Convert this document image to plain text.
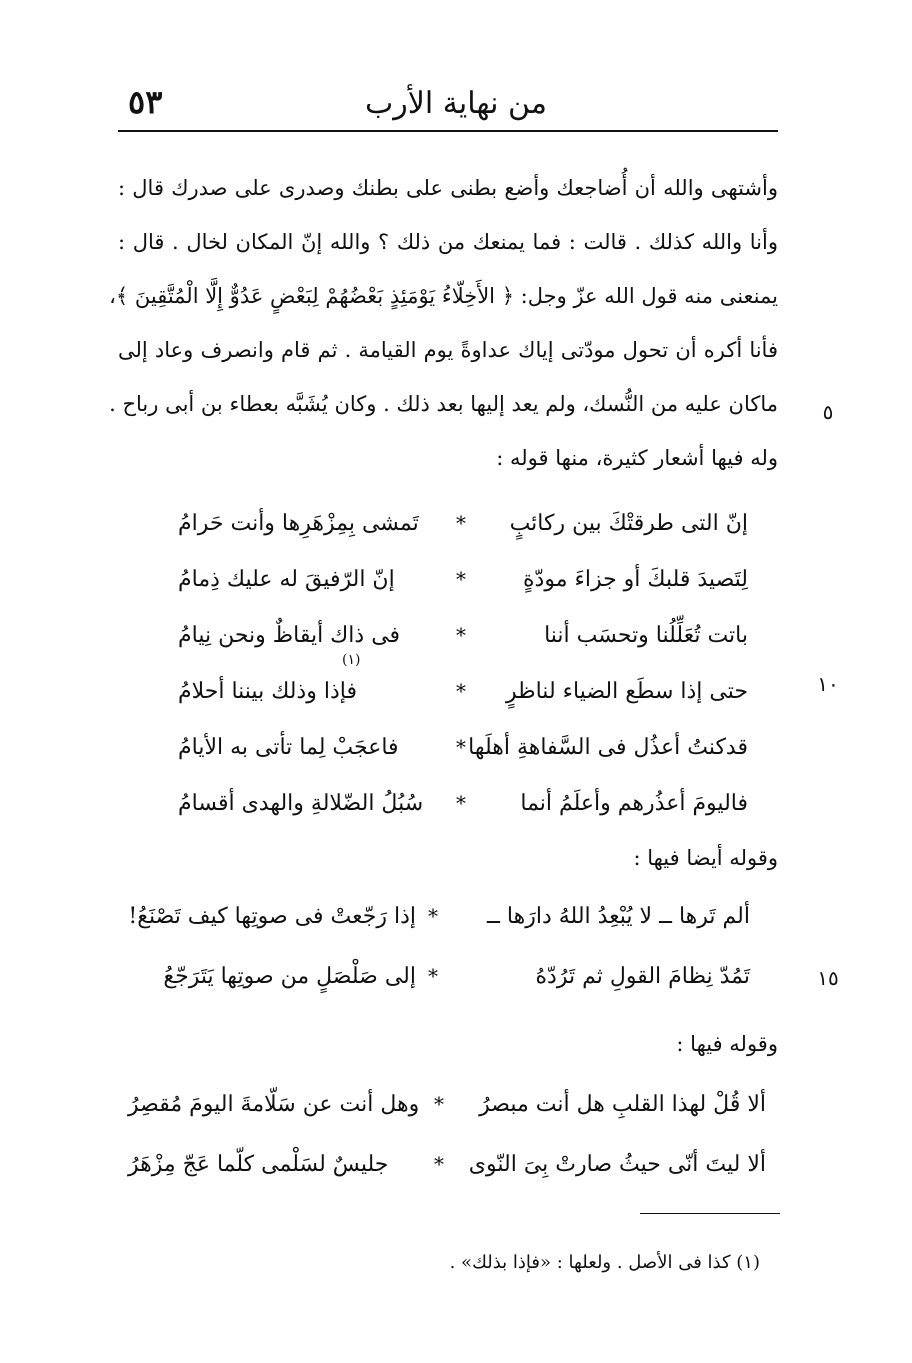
من نهاية الأرب
٥٣
وأشتهى والله أن أُضاجعك وأضع بطنى على بطنك وصدرى على صدرك قال :
وأنا والله كذلك . قالت : فما يمنعك من ذلك ؟ والله إنّ المكان لخال . قال :
يمنعنى منه قول الله عزّ وجل: ﴿ الأَخِلّاءُ يَوْمَئِذٍ بَعْضُهُمْ لِبَعْضٍ عَدُوٌّ إِلَّا الْمُتَّقِينَ ﴾،
فأنا أكره أن تحول مودّتى إياك عداوةً يوم القيامة . ثم قام وانصرف وعاد إلى
ماكان عليه من النُّسك، ولم يعد إليها بعد ذلك . وكان يُشَبَّه بعطاء بن أبى رباح .
وله فيها أشعار كثيرة، منها قوله :
٥
١٠
١٥
إنّ التى طرقتْكَ بين ركائبٍ
*
تَمشى بِمِزْهَرِها وأنت حَرامُ
لِتَصيدَ قلبكَ أو جزاءَ مودّةٍ
*
إنّ الرّفيقَ له عليك ذِمامُ
باتت تُعَلِّلُنا وتحسَب أننا
*
فى ذاك أيقاظٌ ونحن نِيامُ
حتى إذا سطَع الضياء لناظرٍ
*
فإذا وذلك بيننا أحلامُ
قدكنتُ أعذُل فى السَّفاهةِ أهلَها
*
فاعجَبْ لِما تأتى به الأيامُ
فاليومَ أعذُرهم وأعلَمُ أنما
*
سُبُلُ الضّلالةِ والهدى أقسامُ
(١)
وقوله أيضا فيها :
ألم تَرها ــ لا يُبْعِدُ اللهُ دارَها ــ
*
إذا رَجّعتْ فى صوتِها كيف تَصْنَعُ!
تَمُدّ نِظامَ القولِ ثم تَرُدّهُ
*
إلى صَلْصَلٍ من صوتِها يَتَرَجّعُ
وقوله فيها :
ألا قُلْ لهذا القلبِ هل أنت مبصرُ
*
وهل أنت عن سَلّامةَ اليومَ مُقصِرُ
ألا ليتَ أنّى حيثُ صارتْ بِىَ النّوى
*
جليسٌ لسَلْمى كلّما عَجّ مِزْهَرُ
(١) كذا فى الأصل . ولعلها : «فإذا بذلك» .
